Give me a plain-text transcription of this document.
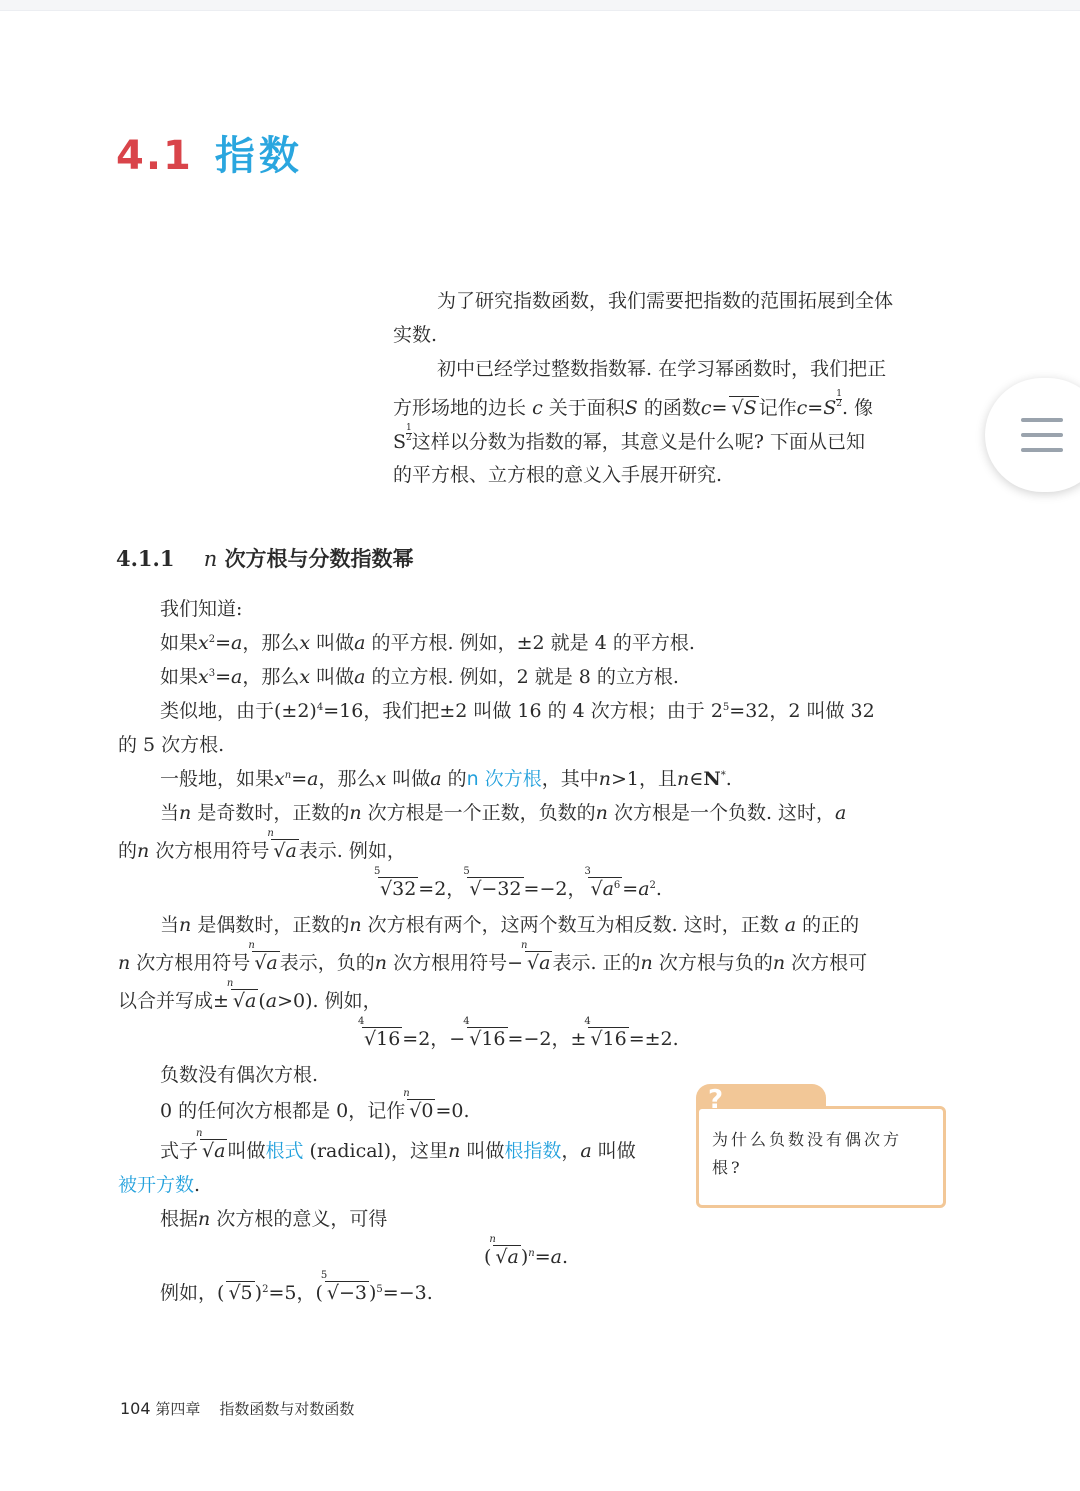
4.1 指数
为了研究指数函数，我们需要把指数的范围拓展到全体
实数.
初中已经学过整数指数幂. 在学习幂函数时，我们把正
方形场地的边长 c 关于面积S 的函数c= √S 记作$c=S \frac{1}{2}$ . 像
S $\frac{1}{2}$ 这样以分数为指数的幂，其意义是什么呢? 下面从已知
的平方根、立方根的意义入手展开研究.
4.1.1 n 次方根与分数指数幂
我们知道:
如果$x^2=a$，那么x 叫做a 的平方根. 例如，±2 就是 4 的平方根.
如果$x^3=a$，那么x 叫做a 的立方根. 例如，2 就是 8 的立方根.
类似地，由于$(\pm 2)^4=16$，我们把±2 叫做 16 的 4 次方根；由于 $2^5=32$，2 叫做 32
的 5 次方根.
一般地，如果$x^n=a$，那么x 叫做a 的n 次方根，其中n>1，且n∈N*.
当n 是奇数时，正数的n 次方根是一个正数，负数的n 次方根是一个负数. 这时，a
的n 次方根用符号
n
√a 表示. 例如，
5
√32 =2，
5
√−32 =−2，
3
$√a^6 =a^2$.
当n 是偶数时，正数的n 次方根有两个，这两个数互为相反数. 这时，正数 a 的正的
n 次方根用符号
n
√a 表示，负的n 次方根用符号−
n
√a 表示. 正的n 次方根与负的n 次方根可
以合并写成±
n
√a (a>0). 例如，
4
√16 =2，−
4
√16 =−2，±
4
√16 =±2.
负数没有偶次方根.
0 的任何次方根都是 0，记作
n
√0 =0.
式子
n
√a 叫做根式 (radical)，这里n 叫做根指数，a 叫做
被开方数.
根据n 次方根的意义，可得
(
n
√a )$^n$=a.
例如，( √5 )$^2$=5，(
5
√−3 )$^5$=−3.
?
为什么负数没有偶次方根?
104 第四章 指数函数与对数函数
